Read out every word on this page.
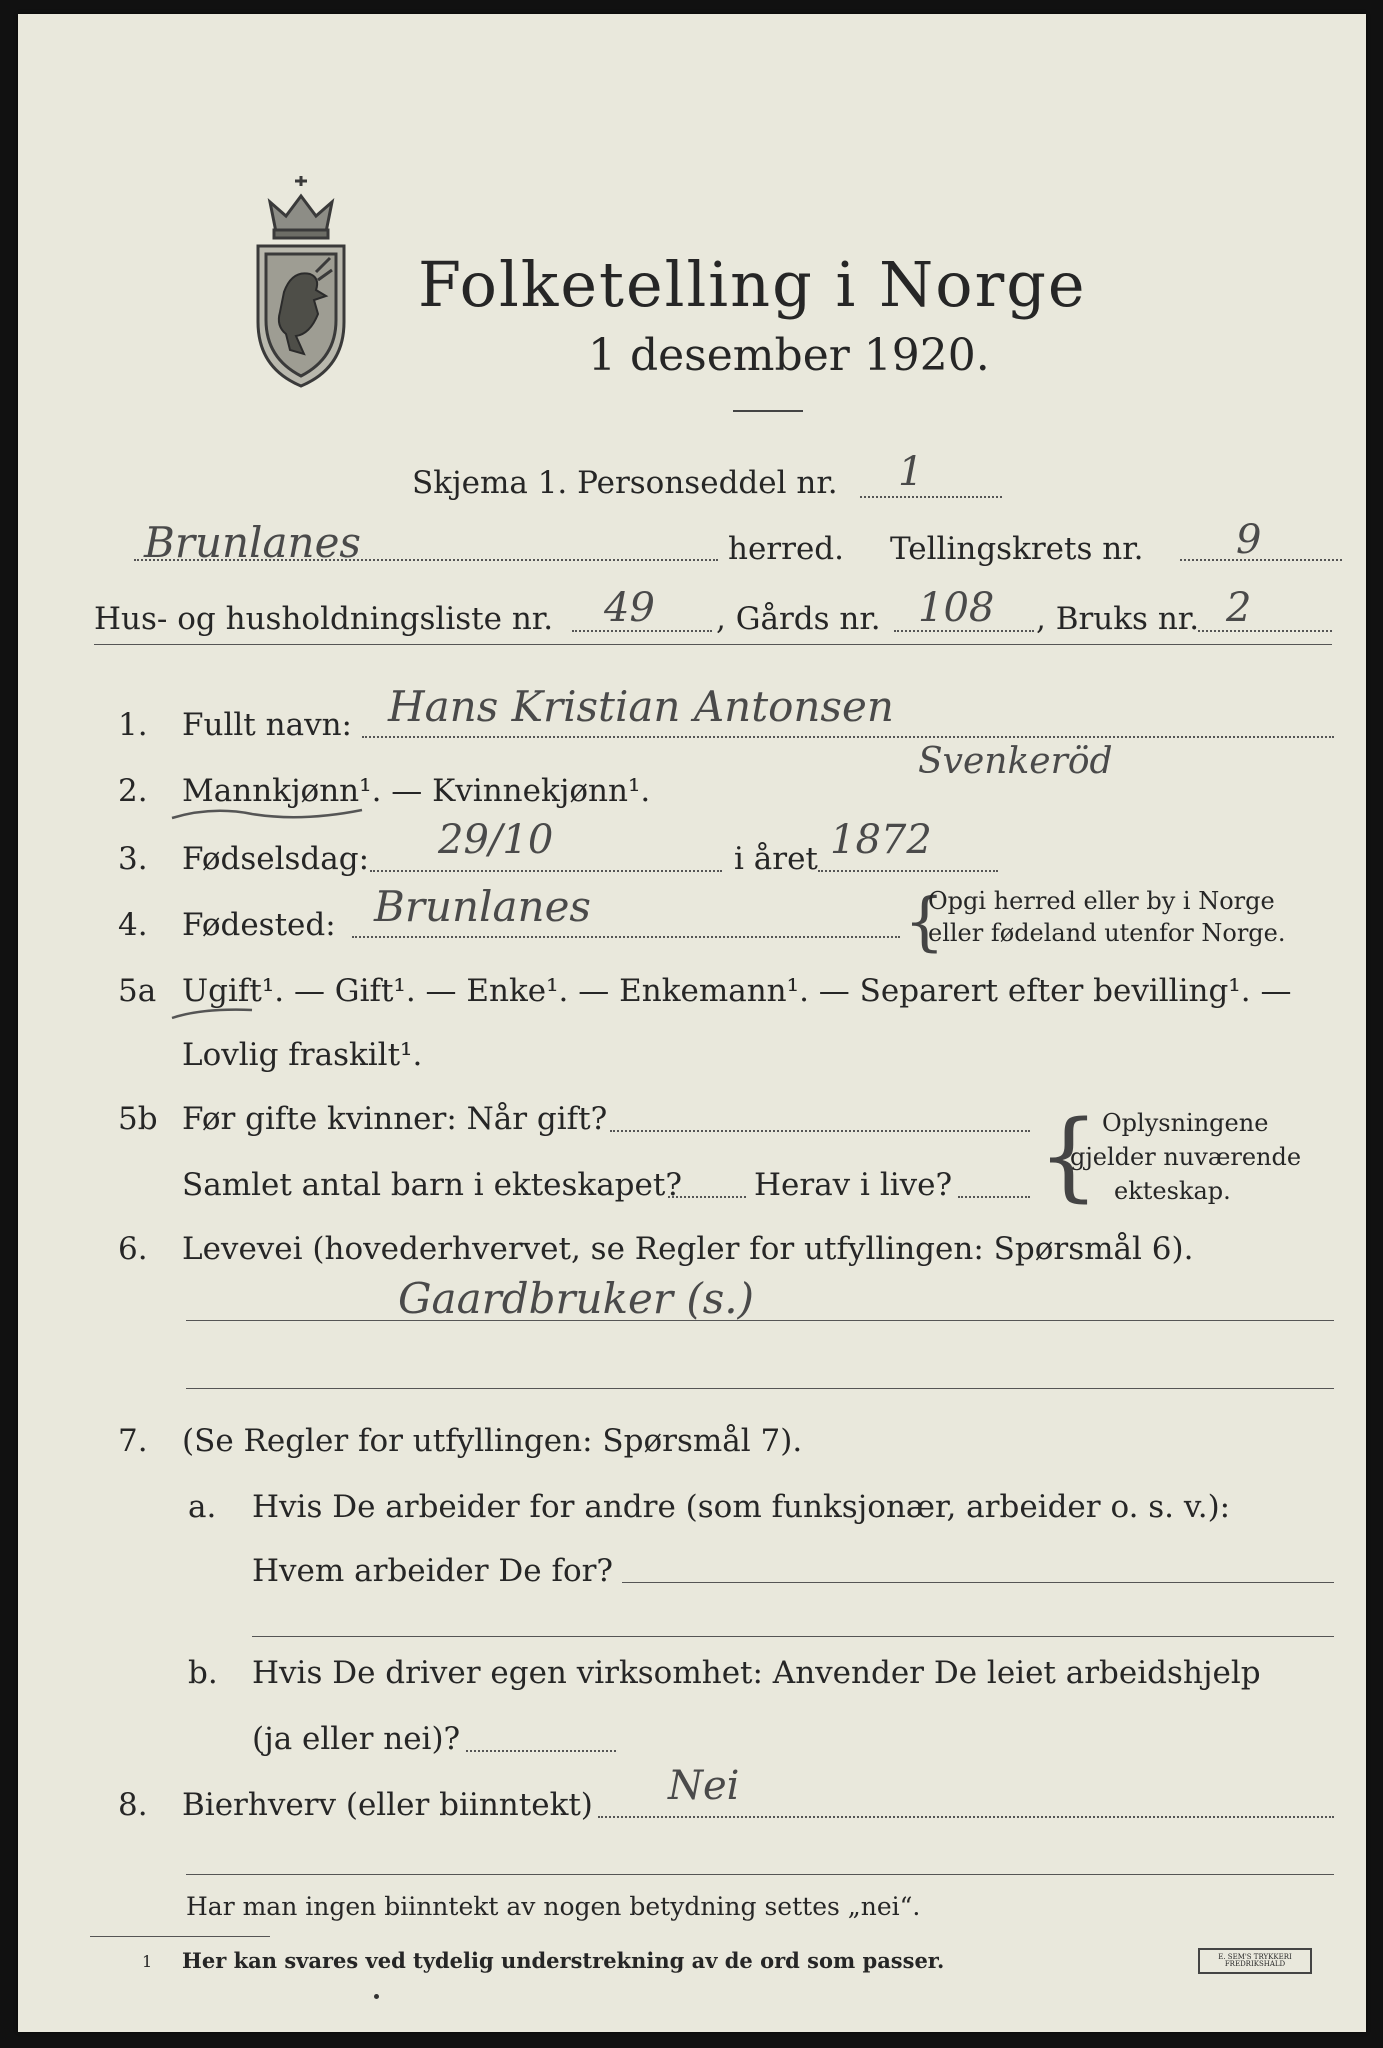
Folketelling i Norge
1 desember 1920.
Skjema 1. Personseddel nr. 1
Brunlanes	herred. Tellingskrets nr. 9
Hus- og husholdningsliste nr. 49 , Gårds nr. 108 , Bruks nr. 2
1. Fullt navn: Hans Kristian Antonsen
Svenkeröd
2. Mannkjønn¹. — Kvinnekjønn¹.
3. Fødselsdag: 29/10	i året 1872
4. Fødested: Brunlanes	{
Opgi herred eller by i Norge
eller fødeland utenfor Norge.
5a Ugift¹. — Gift¹. — Enke¹. — Enkemann¹. — Separert efter bevilling¹. —
Lovlig fraskilt¹.
5b Før gifte kvinner: Når gift?
Samlet antal barn i ekteskapet? Herav i live? { Oplysningene
gjelder nuværende
ekteskap.
6. Levevei (hovederhvervet, se Regler for utfyllingen: Spørsmål 6).
Gaardbruker (s.)
7. (Se Regler for utfyllingen: Spørsmål 7).
a. Hvis De arbeider for andre (som funksjonær, arbeider o. s. v.):
Hvem arbeider De for?
b. Hvis De driver egen virksomhet: Anvender De leiet arbeidshjelp
(ja eller nei)?
8. Bierhverv (eller biinntekt) Nei
Har man ingen biinntekt av nogen betydning settes „nei“.
1 Her kan svares ved tydelig understrekning av de ord som passer.	E. SEM'S TRYKKERI
FREDRIKSHALD
